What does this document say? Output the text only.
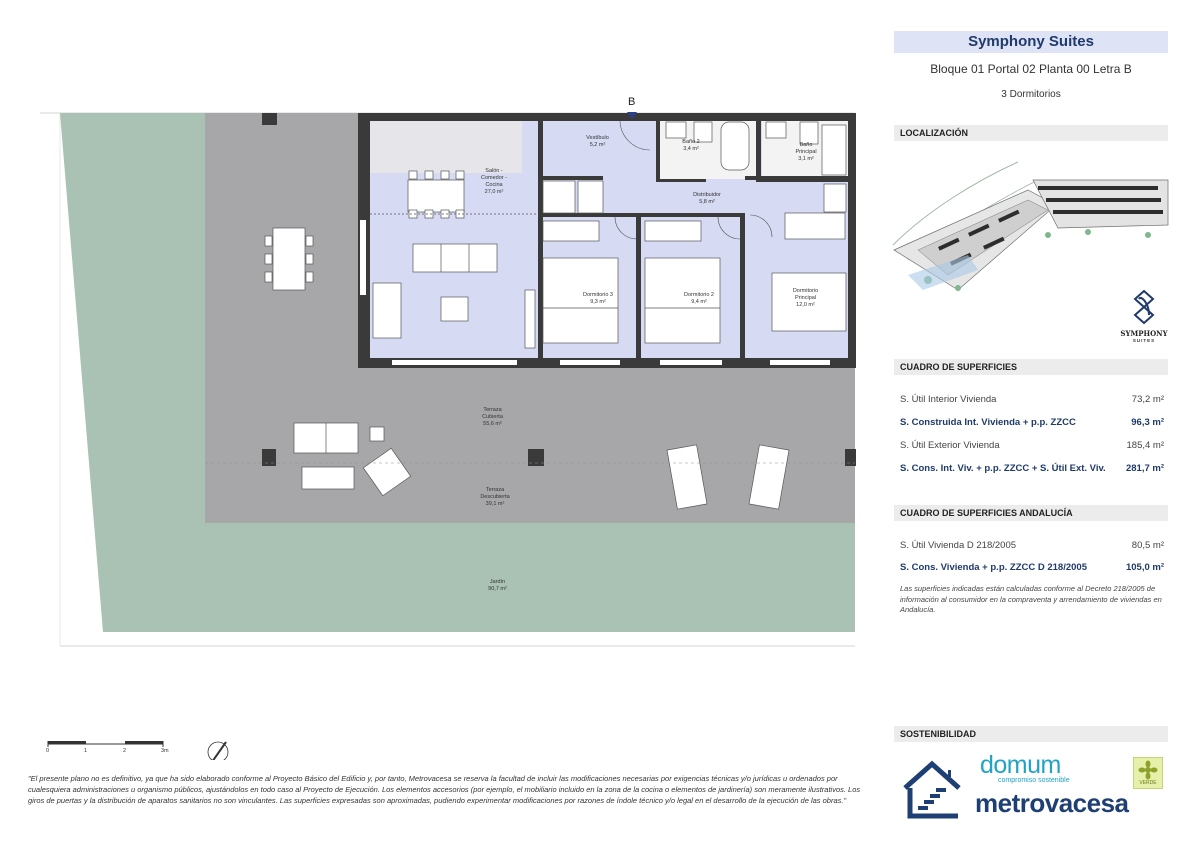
Vestíbulo
5,2 m²
B
Baño 2
3,4 m²
Baño
Principal
3,1 m²
Salón -
Comedor -
Cocina
27,0 m²	Distribuidor
5,8 m²
Dormitorio 3
9,3 m²
Dormitorio 2
9,4 m²
Dormitorio
Principal
12,0 m²
Terraza
Cubierta
55,6 m²
Terraza
Descubierta
39,1 m²
Jardín
90,7 m²
0	1	2	3m
"El presente plano no es definitivo, ya que ha sido elaborado conforme al Proyecto Básico del Edificio y, por tanto, Metrovacesa se reserva la facultad de incluir las modificaciones necesarias por exigencias técnicas y/o jurídicas u ordenados por cualesquiera administraciones u organismo públicos, ajustándolos en todo caso al Proyecto de Ejecución. Los elementos accesorios (por ejemplo, el mobiliario incluido en la zona de la cocina o elementos de jardinería) son meramente ilustrativos. Los giros de puertas y la distribución de aparatos sanitarios no son vinculantes. Las superficies expresadas son aproximadas, pudiendo experimentar modificaciones por razones de índole técnico y/o legal en el desarrollo de la ejecución de las obras."
Symphony Suites
Bloque 01 Portal 02 Planta 00 Letra B
3 Dormitorios
LOCALIZACIÓN
SYMPHONY
SUITES
CUADRO DE SUPERFICIES
S. Útil Interior Vivienda	73,2 m²
S. Construida Int. Vivienda + p.p. ZZCC	96,3 m²
S. Útil Exterior Vivienda	185,4 m²
S. Cons. Int. Viv. + p.p. ZZCC + S. Útil Ext. Viv. 281,7 m²
CUADRO DE SUPERFICIES ANDALUCÍA
S. Útil Vivienda D 218/2005	80,5 m²
S. Cons. Vivienda + p.p. ZZCC D 218/2005	105,0 m²
Las superficies indicadas están calculadas conforme al Decreto 218/2005 de información al consumidor en la compraventa y arrendamiento de viviendas en Andalucía.
SOSTENIBILIDAD
domum
compromiso sostenible
metrovacesa
VERDE
